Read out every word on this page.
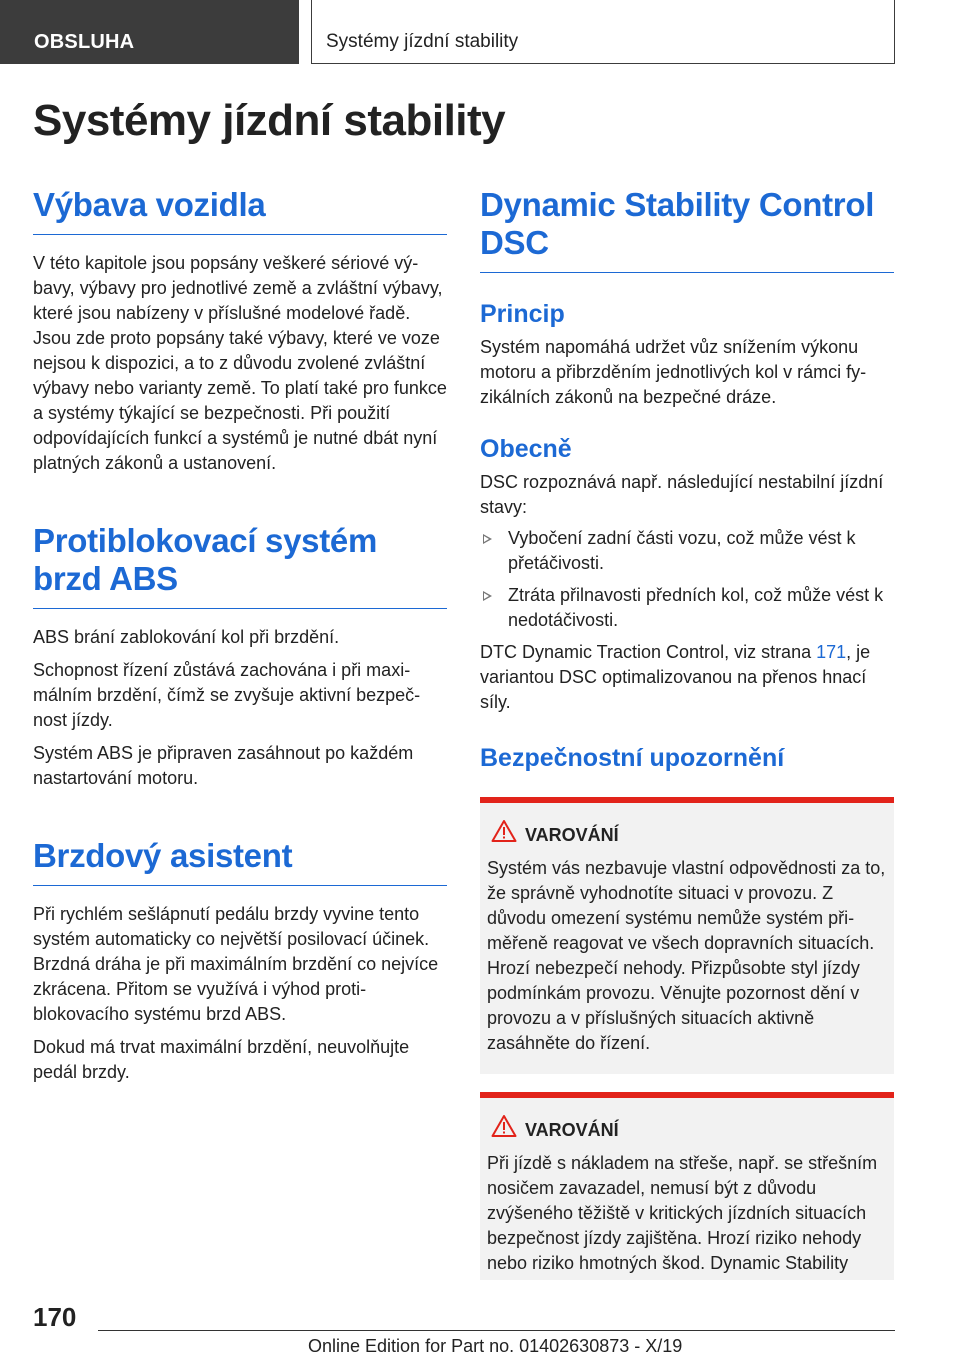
OBSLUHA	Systémy jízdní stability
Systémy jízdní stability
Výbava vozidla

V této kapitole jsou popsány veškeré sériové výbavy, výbavy pro jednotlivé země a zvláštní výbavy, které jsou nabízeny v příslušné modelové řadě. Jsou zde proto popsány také výbavy, které ve voze nejsou k dispozici, a to z důvodu zvolené zvláštní výbavy nebo varianty země. To platí také pro funkce a systémy týkající se bezpečnosti. Při použití odpovídajících funkcí a systémů je nutné dbát nyní platných zákonů a ustanovení.

Protiblokovací systém brzd ABS

ABS brání zablokování kol při brzdění.

Schopnost řízení zůstává zachována i při maximálním brzdění, čímž se zvyšuje aktivní bezpečnost jízdy.

Systém ABS je připraven zasáhnout po každém nastartování motoru.

Brzdový asistent

Při rychlém sešlápnutí pedálu brzdy vyvine tento systém automaticky co největší posilovací účinek. Brzdná dráha je při maximálním brzdění co nejvíce zkrácena. Přitom se využívá i výhod protiblokovacího systému brzd ABS.

Dokud má trvat maximální brzdění, neuvolňujte pedál brzdy.

Dynamic Stability Control DSC
Princip

Systém napomáhá udržet vůz snížením výkonu motoru a přibrzděním jednotlivých kol v rámci fyzikálních zákonů na bezpečné dráze.

Obecně

DSC rozpoznává např. následující nestabilní jízdní stavy:

Vybočení zadní části vozu, což může vést k přetáčivosti.
Ztráta přilnavosti předních kol, což může vést k nedotáčivosti.

DTC Dynamic Traction Control, viz strana 171, je variantou DSC optimalizovanou na přenos hnací síly.

Bezpečnostní upozornění
VAROVÁNÍ

Systém vás nezbavuje vlastní odpovědnosti za to, že správně vyhodnotíte situaci v provozu. Z důvodu omezení systému nemůže systém přiměřeně reagovat ve všech dopravních situacích. Hrozí nebezpečí nehody. Přizpůsobte styl jízdy podmínkám provozu. Věnujte pozornost dění v provozu a v příslušných situacích aktivně zasáhněte do řízení.

VAROVÁNÍ

Při jízdě s nákladem na střeše, např. se střešním nosičem zavazadel, nemusí být z důvodu zvýšeného těžiště v kritických jízdních situacích bezpečnost jízdy zajištěna. Hrozí riziko nehody nebo riziko hmotných škod. Dynamic Stability

170
Online Edition for Part no. 01402630873 - X/19
